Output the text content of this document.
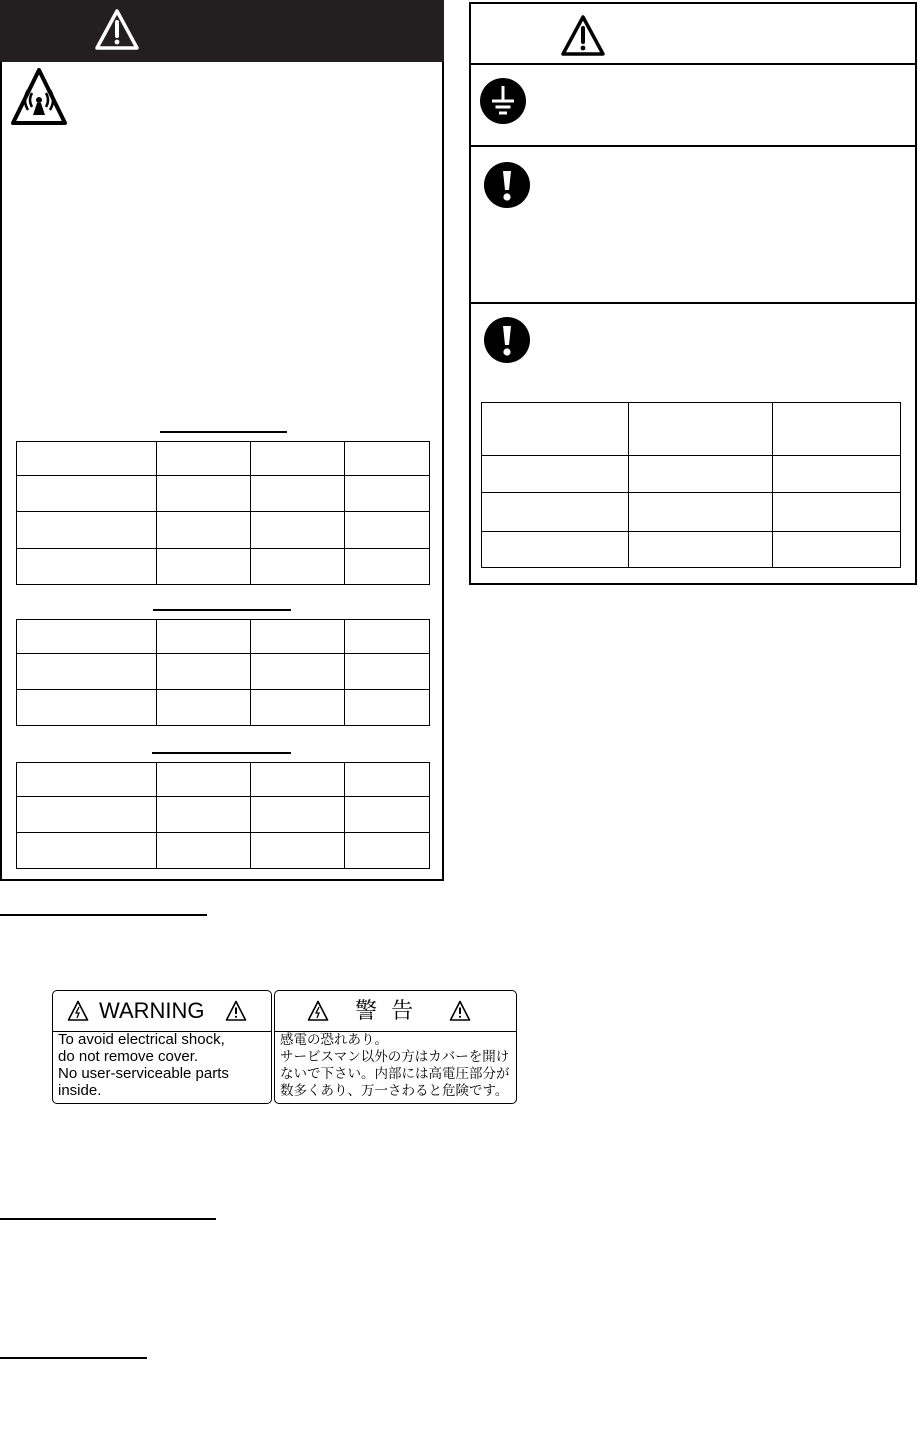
WARNING
To avoid electrical shock,
do not remove cover.
No user-serviceable parts
inside.
警 告
感電の恐れあり。
サービスマン以外の方はカバーを開け
ないで下さい。内部には高電圧部分が
数多くあり、万一さわると危険です。
